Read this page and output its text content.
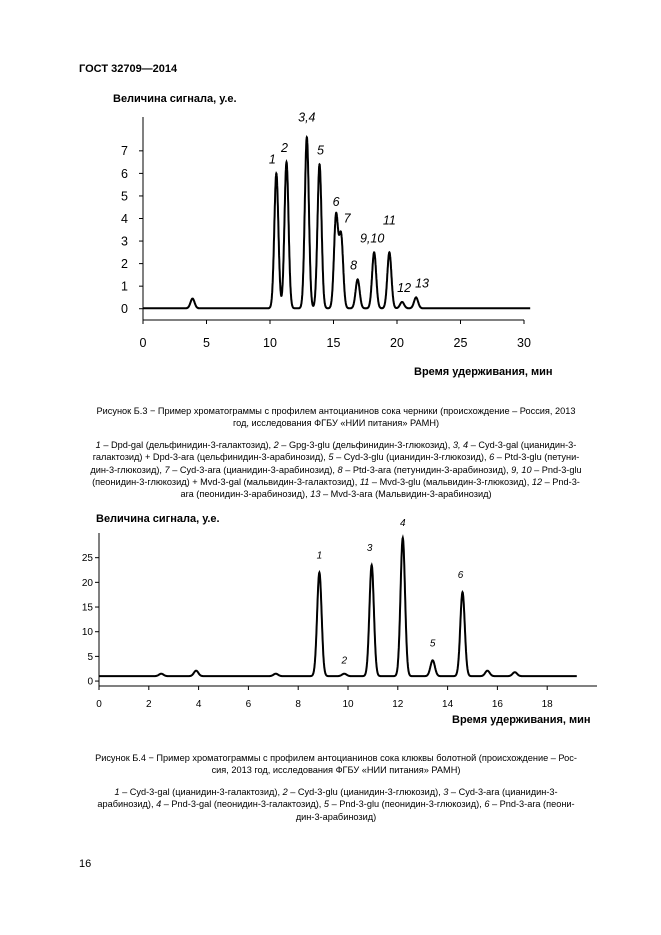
ГОСТ 32709—2014
0	5	10	15	20	25	30
0
1
2
3
4
5
6
7
1
2
3,4
5
6
7
8
9,10
11
12 13
Время удерживания, мин
Величина сигнала, у.е.
Рисунок Б.3 − Пример хроматограммы с профилем антоцианинов сока черники (происхождение – Россия, 2013
год, исследования ФГБУ «НИИ питания» РАМН)
1 – Dpd-gal (дельфинидин-3-галактозид), 2 – Gpg-3-glu (дельфинидин-3-глюкозид), 3, 4 – Cyd-3-gal (цианидин-3-
галактозид) + Dpd-3-ara (цельфинидин-3-арабинозид), 5 – Cyd-3-glu (цианидин-3-глюкозид), 6 – Ptd-3-glu (петуни-
дин-3-глюкозид), 7 – Cyd-3-ara (цианидин-3-арабинозид), 8 – Ptd-3-ara (петунидин-3-арабинозид), 9, 10 – Pnd-3-glu
(пеонидин-3-глюкозид) + Mvd-3-gal (мальвидин-3-галактозид), 11 – Mvd-3-glu (мальвидин-3-глюкозид), 12 – Pnd-3-
ara (пеонидин-3-арабинозид), 13 – Mvd-3-ara (Мальвидин-3-арабинозид)
0	2	4	6	8	10	12	14	16	18
0
5
10
15
20
25	1
2
3
4
5
6
Время удерживания, мин
Величина сигнала, у.е.
Рисунок Б.4 − Пример хроматограммы с профилем антоцианинов сока клюквы болотной (происхождение – Рос-
сия, 2013 год, исследования ФГБУ «НИИ питания» РАМН)
1 – Cyd-3-gal (цианидин-3-галактозид), 2 – Cyd-3-glu (цианидин-3-глюкозид), 3 – Cyd-3-ara (цианидин-3-
арабинозид), 4 – Pnd-3-gal (пеонидин-3-галактозид), 5 – Pnd-3-glu (пеонидин-3-глюкозид), 6 – Pnd-3-ara (пеони-
дин-3-арабинозид)
16
